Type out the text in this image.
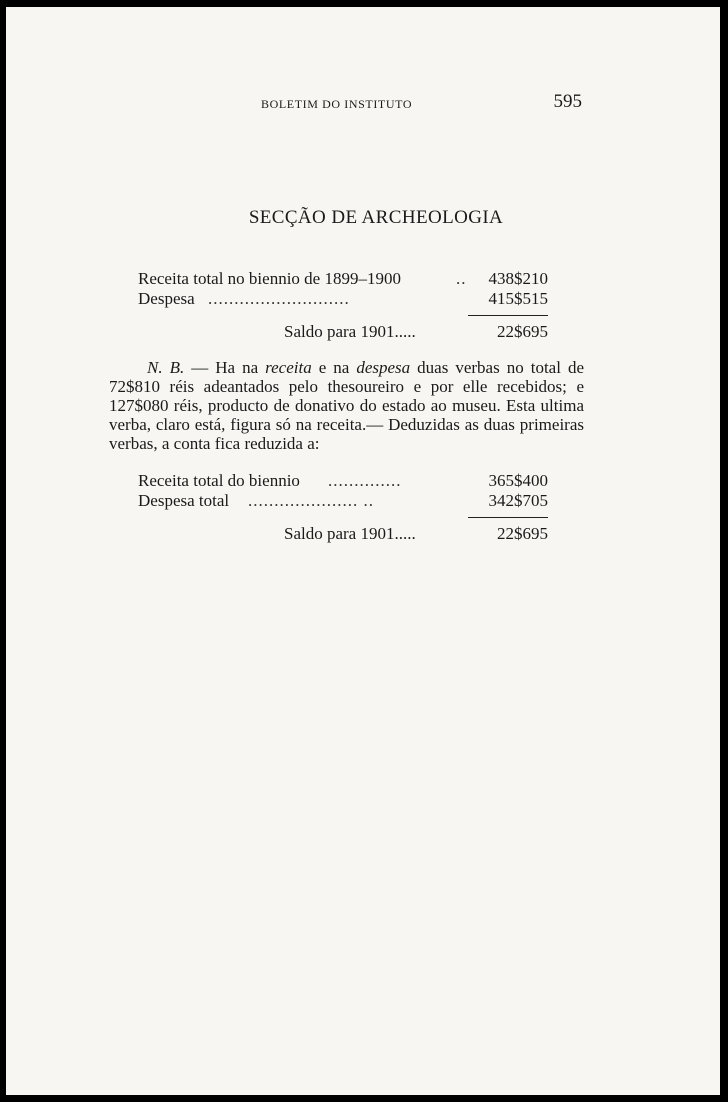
BOLETIM DO INSTITUTO	595
SECÇÃO DE ARCHEOLOGIA
Receita total no biennio de 1899–1900	..	438$210
Despesa ...........................	415$515
Saldo para 1901.....	22$695

N. B. — Ha na receita e na despesa duas verbas no total de 72$810 réis adeantados pelo thesoureiro e por elle recebidos; e 127$080 réis, producto de donativo do estado ao museu. Esta ultima verba, claro está, figura só na receita.— Deduzidas as duas primeiras verbas, a conta fica reduzida a:

Receita total do biennio ..............	365$400
Despesa total ..................... ..	342$705
Saldo para 1901.....	22$695
